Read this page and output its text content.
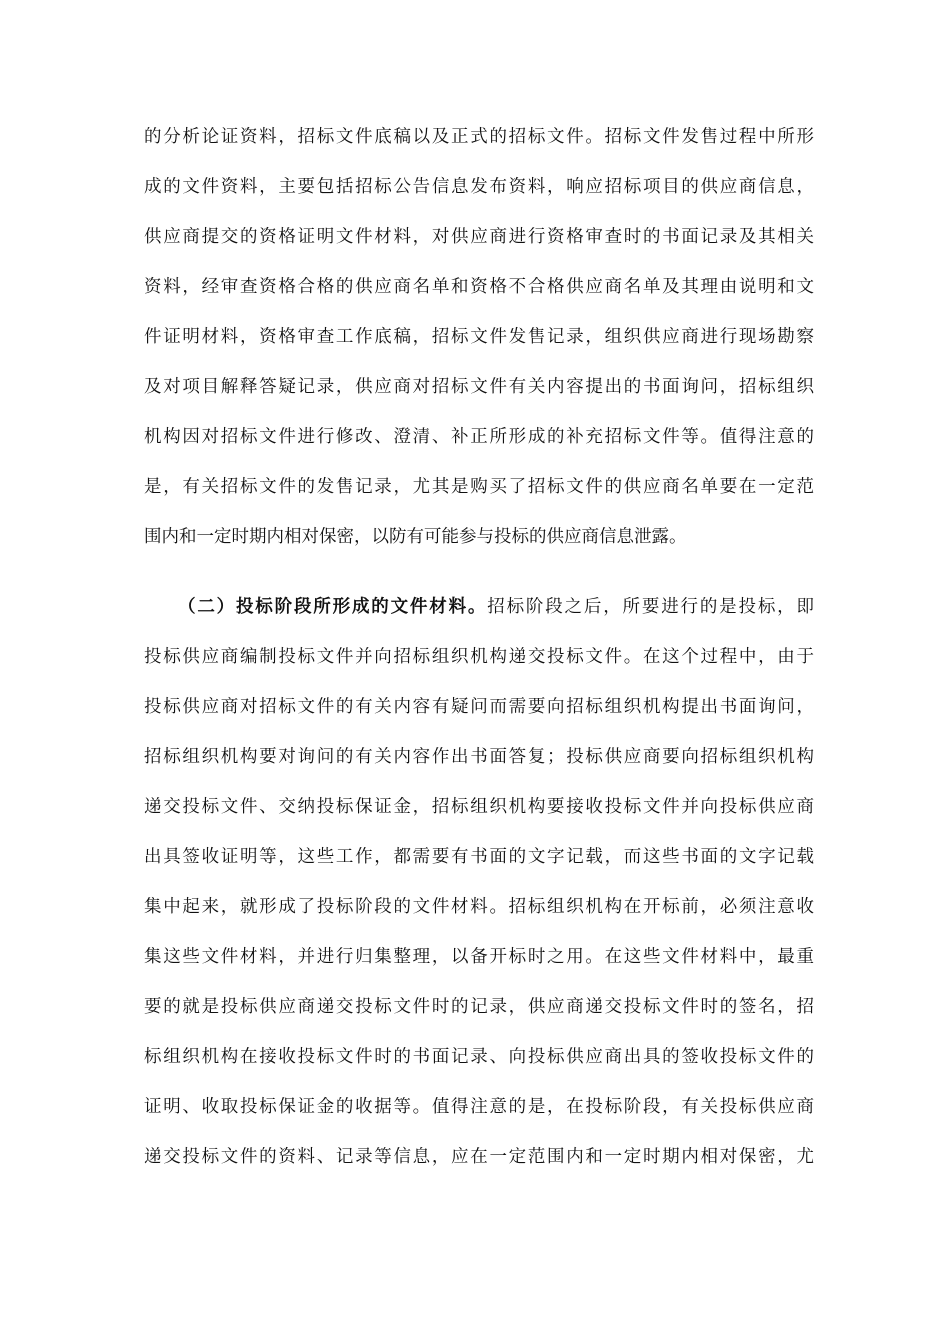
的分析论证资料，招标文件底稿以及正式的招标文件。招标文件发售过程中所形
成的文件资料，主要包括招标公告信息发布资料，响应招标项目的供应商信息，
供应商提交的资格证明文件材料，对供应商进行资格审查时的书面记录及其相关
资料，经审查资格合格的供应商名单和资格不合格供应商名单及其理由说明和文
件证明材料，资格审查工作底稿，招标文件发售记录，组织供应商进行现场勘察
及对项目解释答疑记录，供应商对招标文件有关内容提出的书面询问，招标组织
机构因对招标文件进行修改、澄清、补正所形成的补充招标文件等。值得注意的
是，有关招标文件的发售记录，尤其是购买了招标文件的供应商名单要在一定范
围内和一定时期内相对保密，以防有可能参与投标的供应商信息泄露。
（二）投标阶段所形成的文件材料。招标阶段之后，所要进行的是投标，即
投标供应商编制投标文件并向招标组织机构递交投标文件。在这个过程中，由于
投标供应商对招标文件的有关内容有疑问而需要向招标组织机构提出书面询问，
招标组织机构要对询问的有关内容作出书面答复；投标供应商要向招标组织机构
递交投标文件、交纳投标保证金，招标组织机构要接收投标文件并向投标供应商
出具签收证明等，这些工作，都需要有书面的文字记载，而这些书面的文字记载
集中起来，就形成了投标阶段的文件材料。招标组织机构在开标前，必须注意收
集这些文件材料，并进行归集整理，以备开标时之用。在这些文件材料中，最重
要的就是投标供应商递交投标文件时的记录，供应商递交投标文件时的签名，招
标组织机构在接收投标文件时的书面记录、向投标供应商出具的签收投标文件的
证明、收取投标保证金的收据等。值得注意的是，在投标阶段，有关投标供应商
递交投标文件的资料、记录等信息，应在一定范围内和一定时期内相对保密，尤
